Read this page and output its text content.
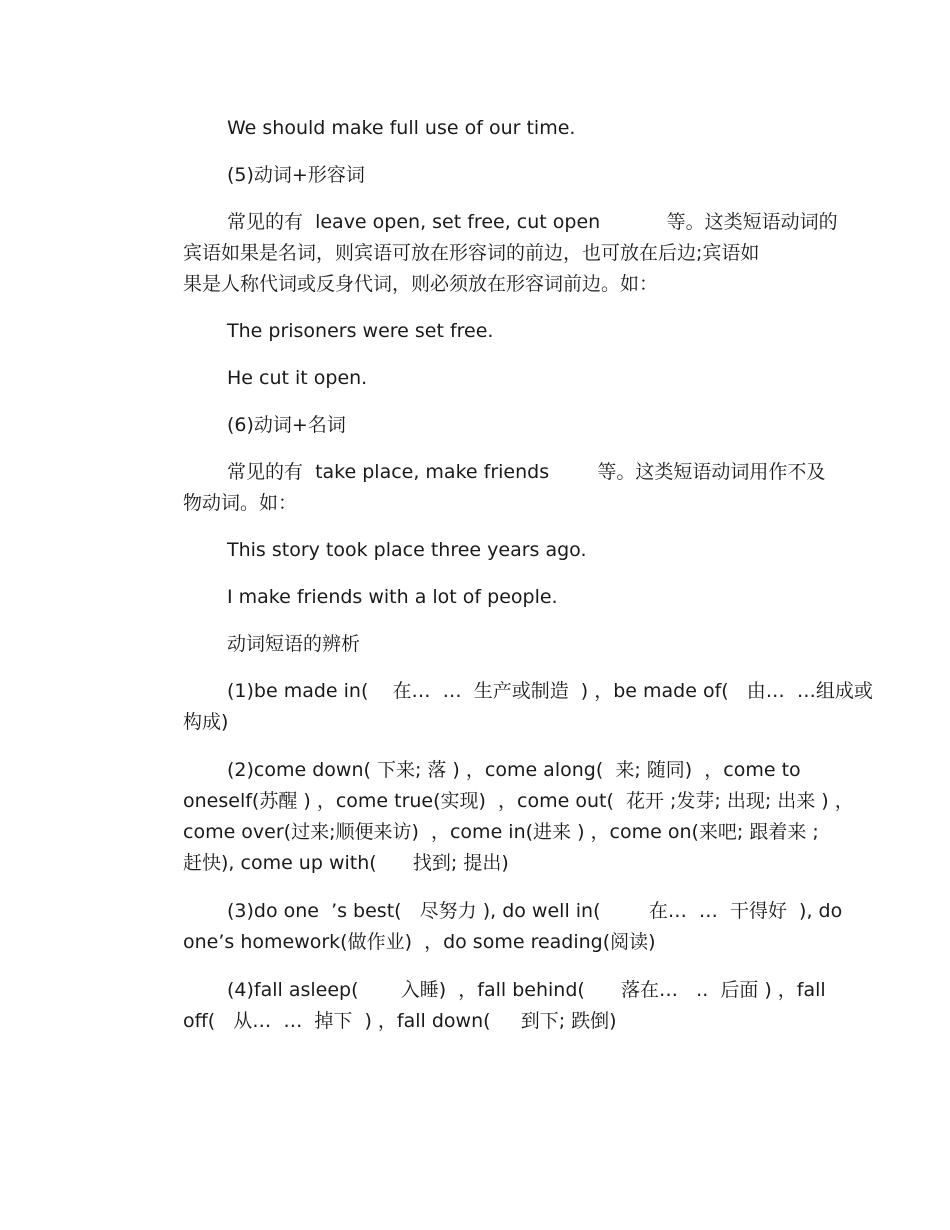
We should make full use of our time.
(5)动词+形容词
常见的有  leave open, set free, cut open           等。这类短语动词的
宾语如果是名词，则宾语可放在形容词的前边，也可放在后边;宾语如
果是人称代词或反身代词，则必须放在形容词前边。如：
The prisoners were set free.
He cut it open.
(6)动词+名词
常见的有  take place, make friends        等。这类短语动词用作不及
物动词。如：
This story took place three years ago.
I make friends with a lot of people.
动词短语的辨析
(1)be made in(    在…  …  生产或制造  ) ，be made of(   由…  …组成或
构成)
(2)come down( 下来; 落 ) ，come along(  来; 随同)  ，come to
oneself(苏醒 ) ，come true(实现)  ，come out(  花开 ;发芽; 出现; 出来 ) ，
come over(过来;顺便来访)  ，come in(进来 ) ，come on(来吧; 跟着来 ;
赶快), come up with(      找到; 提出)
(3)do one  ’s best(   尽努力 ), do well in(        在…  …  干得好  ), do
one’s homework(做作业)  ，do some reading(阅读)
(4)fall asleep(       入睡)  ，fall behind(      落在…   ..  后面 ) ，fall
off(   从…  …  掉下  ) ，fall down(     到下; 跌倒)
